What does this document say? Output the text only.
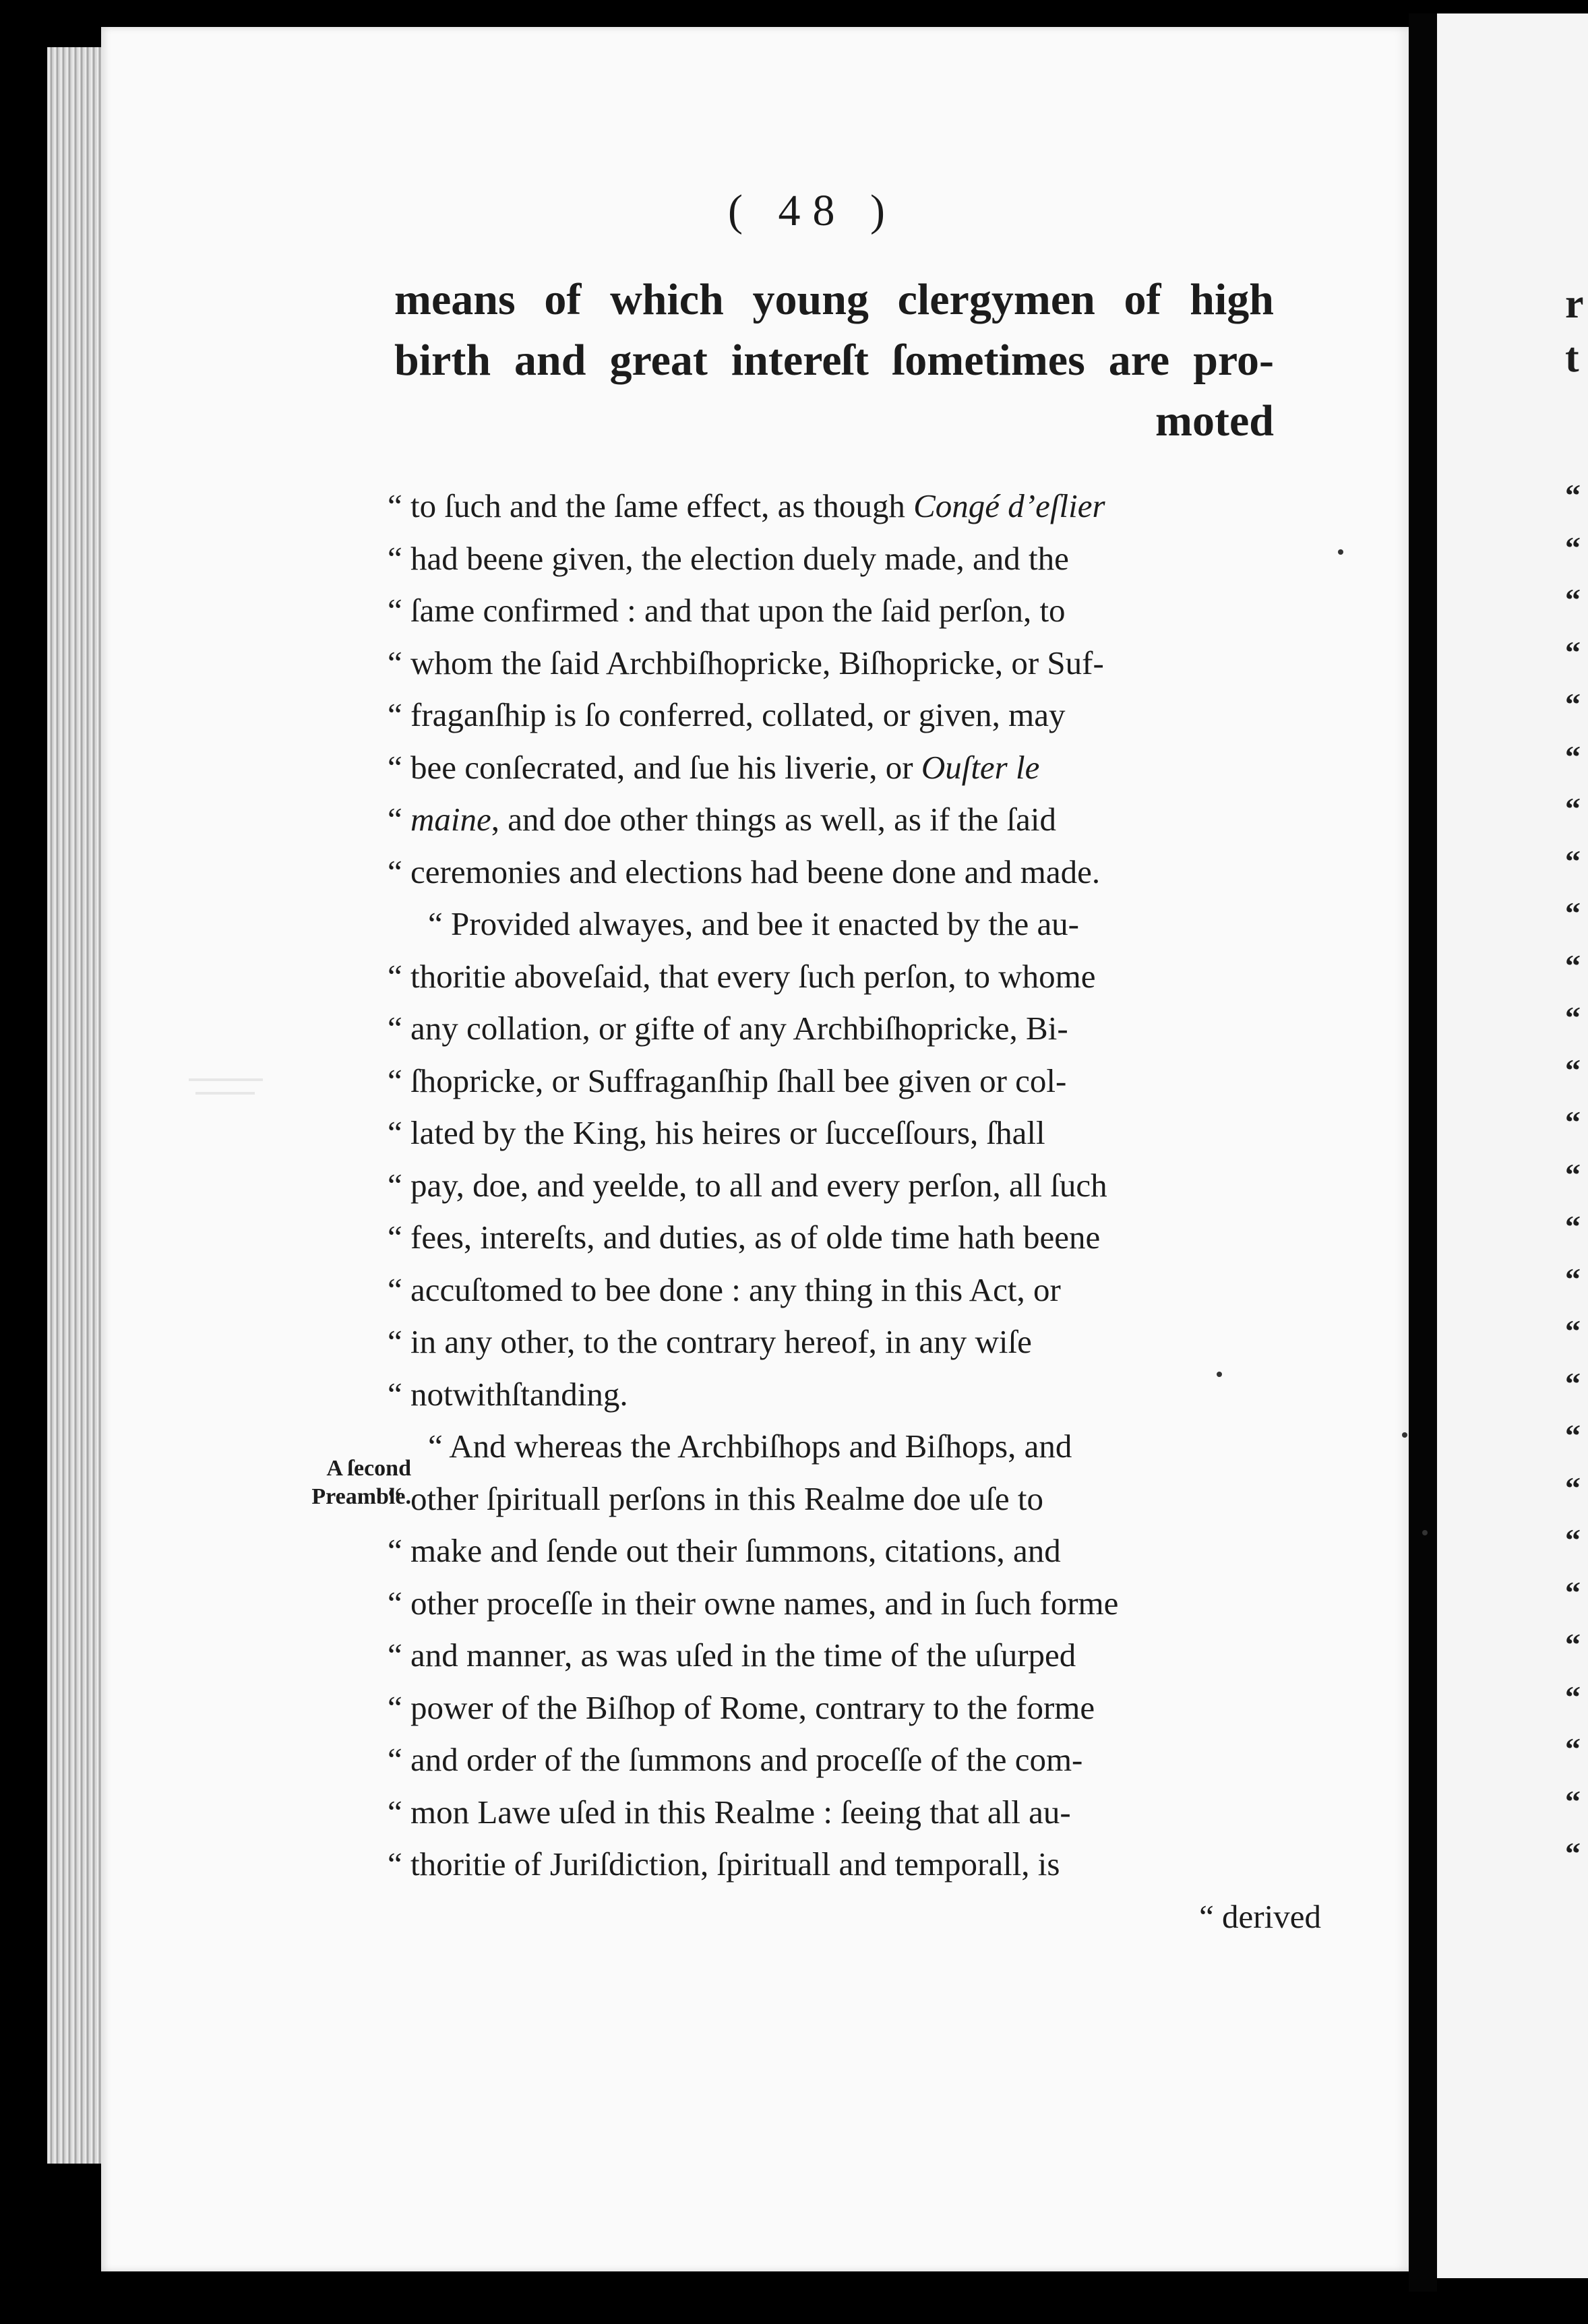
( 48 )
means of which young clergymen of high
birth and great intereſt ſometimes are pro-
moted
“ to ſuch and the ſame effect, as though Congé d’eſlier
“ had beene given, the election duely made, and the
“ ſame confirmed : and that upon the ſaid perſon, to
“ whom the ſaid Archbiſhopricke, Biſhopricke, or Suf-
“ fraganſhip is ſo conferred, collated, or given, may
“ bee conſecrated, and ſue his liverie, or Ouſter le
“ maine, and doe other things as well, as if the ſaid
“ ceremonies and elections had beene done and made.
“ Provided alwayes, and bee it enacted by the au-
“ thoritie aboveſaid, that every ſuch perſon, to whome
“ any collation, or gifte of any Archbiſhopricke, Bi-
“ ſhopricke, or Suffraganſhip ſhall bee given or col-
“ lated by the King, his heires or ſucceſſours, ſhall
“ pay, doe, and yeelde, to all and every perſon, all ſuch
“ fees, intereſts, and duties, as of olde time hath beene
“ accuſtomed to bee done : any thing in this Act, or
“ in any other, to the contrary hereof, in any wiſe
“ notwithſtanding.
“ And whereas the Archbiſhops and Biſhops, and
“ other ſpirituall perſons in this Realme doe uſe to
“ make and ſende out their ſummons, citations, and
“ other proceſſe in their owne names, and in ſuch forme
“ and manner, as was uſed in the time of the uſurped
“ power of the Biſhop of Rome, contrary to the forme
“ and order of the ſummons and proceſſe of the com-
“ mon Lawe uſed in this Realme : ſeeing that all au-
“ thoritie of Juriſdiction, ſpirituall and temporall, is
“ derived
A ſecond
Preamble.
r
t
“
“
“
“
“
“
“
“
“
“
“
“
“
“
“
“
“
“
“
“
“
“
“
“
“
“
“
